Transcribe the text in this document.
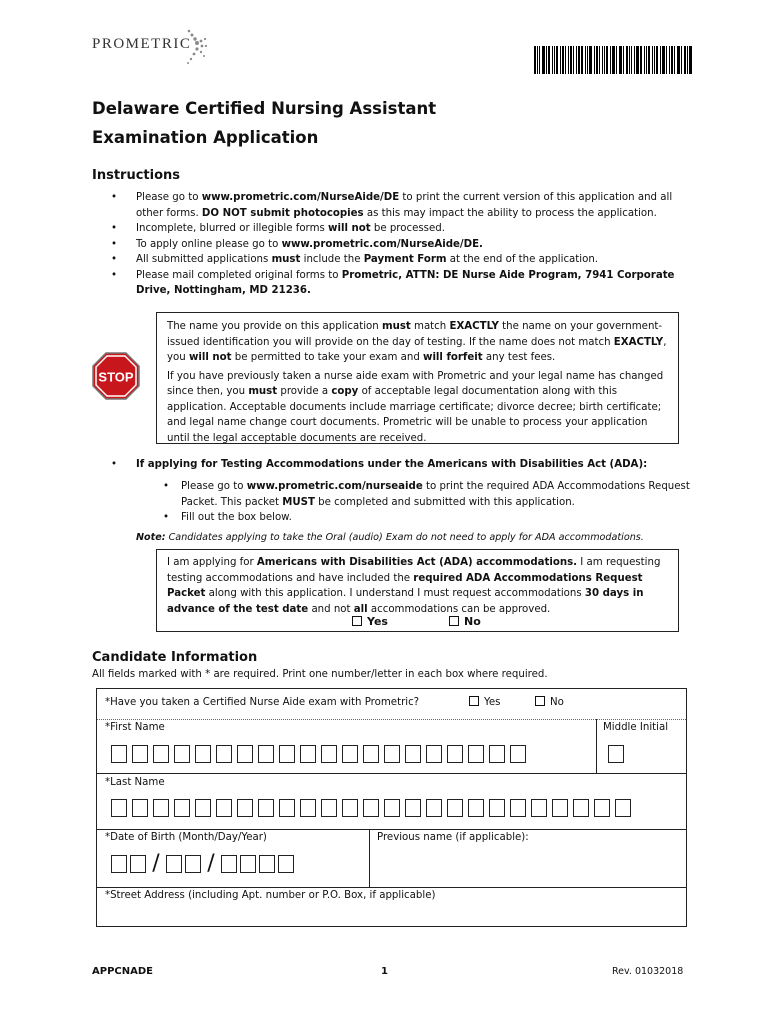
PROMETRIC
Delaware Certified Nursing Assistant
Examination Application
Instructions
• Please go to www.prometric.com/NurseAide/DE to print the current version of this application and all other forms. DO NOT submit photocopies as this may impact the ability to process the application.
• Incomplete, blurred or illegible forms will not be processed.
• To apply online please go to www.prometric.com/NurseAide/DE.
• All submitted applications must include the Payment Form at the end of the application.
• Please mail completed original forms to Prometric, ATTN: DE Nurse Aide Program, 7941 Corporate Drive, Nottingham, MD 21236.
STOP
The name you provide on this application must match EXACTLY the name on your government-issued identification you will provide on the day of testing. If the name does not match EXACTLY, you will not be permitted to take your exam and will forfeit any test fees.
If you have previously taken a nurse aide exam with Prometric and your legal name has changed since then, you must provide a copy of acceptable legal documentation along with this application. Acceptable documents include marriage certificate; divorce decree; birth certificate; and legal name change court documents. Prometric will be unable to process your application until the legal acceptable documents are received.
• If applying for Testing Accommodations under the Americans with Disabilities Act (ADA):
• Please go to www.prometric.com/nurseaide to print the required ADA Accommodations Request Packet. This packet MUST be completed and submitted with this application.
• Fill out the box below.
Note: Candidates applying to take the Oral (audio) Exam do not need to apply for ADA accommodations.
I am applying for Americans with Disabilities Act (ADA) accommodations. I am requesting testing accommodations and have included the required ADA Accommodations Request Packet along with this application. I understand I must request accommodations 30 days in advance of the test date and not all accommodations can be approved.
Yes	No
Candidate Information
All fields marked with * are required. Print one number/letter in each box where required.
*Have you taken a Certified Nurse Aide exam with Prometric?	Yes	No
*First Name	Middle Initial
*Last Name
*Date of Birth (Month/Day/Year)
/ /
Previous name (if applicable):
*Street Address (including Apt. number or P.O. Box, if applicable)
APPCNADE	1	Rev. 01032018
